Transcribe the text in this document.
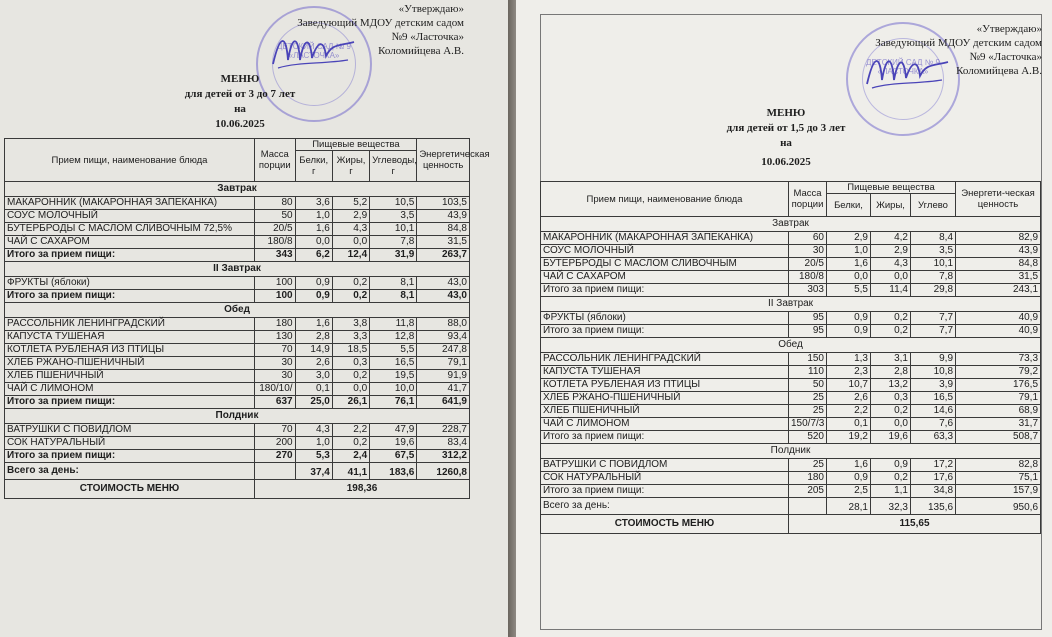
ДЕТСКИЙ САД № 9
«ЛАСТОЧКА»
«Утверждаю»
Заведующий МДОУ детским садом
№9 «Ласточка»
Коломийцева А.В.
МЕНЮ
для детей от 3 до 7 лет
на
10.06.2025
Прием пищи, наименование блюда	Масса порции	Пищевые вещества			Энергетическая ценность
		Белки, г	Жиры, г	Углеводы, г	
Завтрак					
МАКАРОННИК (МАКАРОННАЯ ЗАПЕКАНКА)	80	3,6	5,2	10,5	103,5
СОУС МОЛОЧНЫЙ	50	1,0	2,9	3,5	43,9
БУТЕРБРОДЫ С МАСЛОМ СЛИВОЧНЫМ 72,5%	20/5	1,6	4,3	10,1	84,8
ЧАЙ С САХАРОМ	180/8	0,0	0,0	7,8	31,5
Итого за прием пищи:	343	6,2	12,4	31,9	263,7
II Завтрак					
ФРУКТЫ (яблоки)	100	0,9	0,2	8,1	43,0
Итого за прием пищи:	100	0,9	0,2	8,1	43,0
Обед					
РАССОЛЬНИК ЛЕНИНГРАДСКИЙ	180	1,6	3,8	11,8	88,0
КАПУСТА ТУШЕНАЯ	130	2,8	3,3	12,8	93,4
КОТЛЕТА РУБЛЕНАЯ ИЗ ПТИЦЫ	70	14,9	18,5	5,5	247,8
ХЛЕБ РЖАНО-ПШЕНИЧНЫЙ	30	2,6	0,3	16,5	79,1
ХЛЕБ ПШЕНИЧНЫЙ	30	3,0	0,2	19,5	91,9
ЧАЙ С ЛИМОНОМ	180/10/	0,1	0,0	10,0	41,7
Итого за прием пищи:	637	25,0	26,1	76,1	641,9
Полдник					
ВАТРУШКИ С ПОВИДЛОМ	70	4,3	2,2	47,9	228,7
СОК НАТУРАЛЬНЫЙ	200	1,0	0,2	19,6	83,4
Итого за прием пищи:	270	5,3	2,4	67,5	312,2
Всего за день:		37,4	41,1	183,6	1260,8
СТОИМОСТЬ МЕНЮ	198,36				
ДЕТСКИЙ САД № 9
«ЛАСТОЧКА»
«Утверждаю»
Заведующий МДОУ детским садом
№9 «Ласточка»
Коломийцева А.В.
МЕНЮ
для детей от 1,5 до 3 лет
на
10.06.2025
Прием пищи, наименование блюда	Масса порции	Пищевые вещества			Энергети-ческая ценность
		Белки,	Жиры,	Углево	
Завтрак					
МАКАРОННИК (МАКАРОННАЯ ЗАПЕКАНКА)	60	2,9	4,2	8,4	82,9
СОУС МОЛОЧНЫЙ	30	1,0	2,9	3,5	43,9
БУТЕРБРОДЫ С МАСЛОМ СЛИВОЧНЫМ	20/5	1,6	4,3	10,1	84,8
ЧАЙ С САХАРОМ	180/8	0,0	0,0	7,8	31,5
Итого за прием пищи:	303	5,5	11,4	29,8	243,1
II Завтрак					
ФРУКТЫ (яблоки)	95	0,9	0,2	7,7	40,9
Итого за прием пищи:	95	0,9	0,2	7,7	40,9
Обед					
РАССОЛЬНИК ЛЕНИНГРАДСКИЙ	150	1,3	3,1	9,9	73,3
КАПУСТА ТУШЕНАЯ	110	2,3	2,8	10,8	79,2
КОТЛЕТА РУБЛЕНАЯ ИЗ ПТИЦЫ	50	10,7	13,2	3,9	176,5
ХЛЕБ РЖАНО-ПШЕНИЧНЫЙ	25	2,6	0,3	16,5	79,1
ХЛЕБ ПШЕНИЧНЫЙ	25	2,2	0,2	14,6	68,9
ЧАЙ С ЛИМОНОМ	150/7/3	0,1	0,0	7,6	31,7
Итого за прием пищи:	520	19,2	19,6	63,3	508,7
Полдник					
ВАТРУШКИ С ПОВИДЛОМ	25	1,6	0,9	17,2	82,8
СОК НАТУРАЛЬНЫЙ	180	0,9	0,2	17,6	75,1
Итого за прием пищи:	205	2,5	1,1	34,8	157,9
Всего за день:		28,1	32,3	135,6	950,6
СТОИМОСТЬ МЕНЮ	115,65				
